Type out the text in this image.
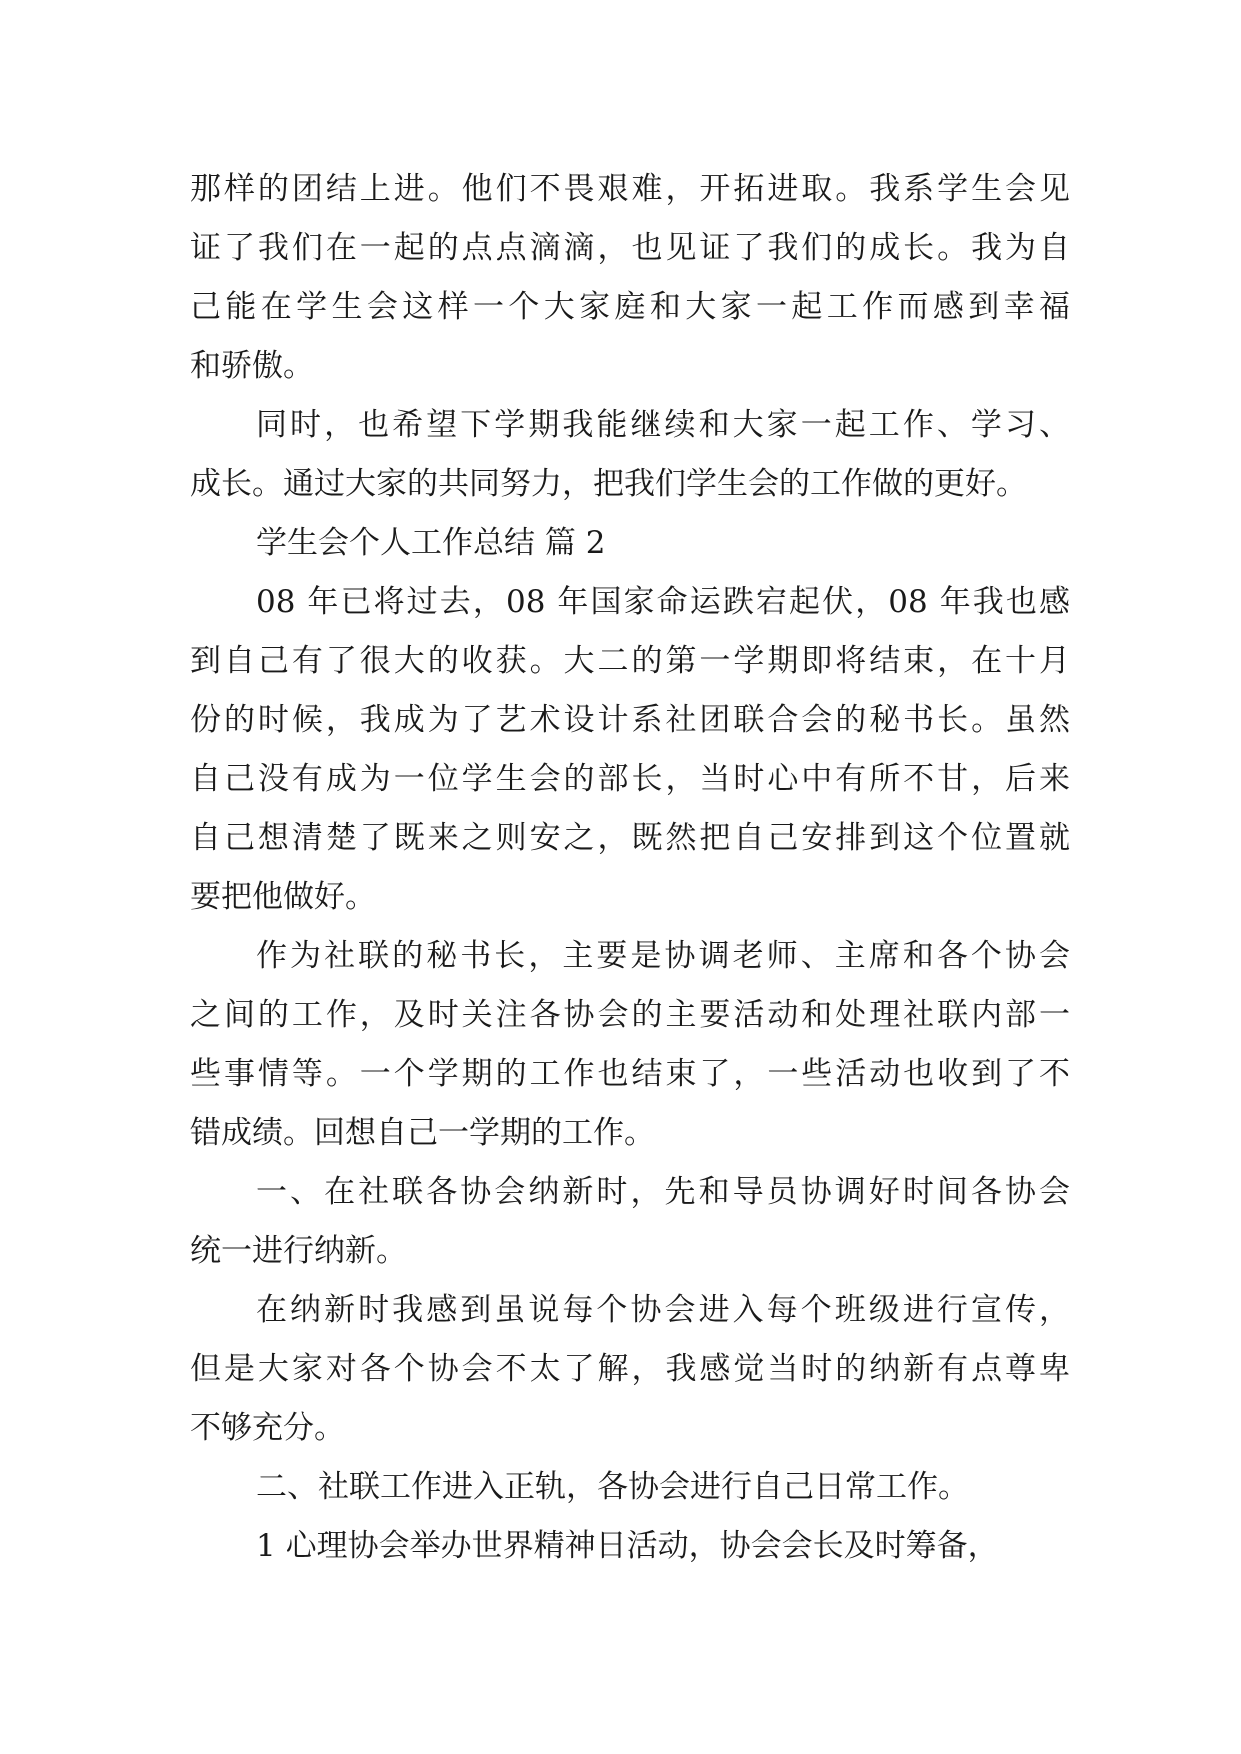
那样的团结上进。他们不畏艰难，开拓进取。我系学生会见
证了我们在一起的点点滴滴，也见证了我们的成长。我为自
己能在学生会这样一个大家庭和大家一起工作而感到幸福
和骄傲。
同时，也希望下学期我能继续和大家一起工作、学习、
成长。通过大家的共同努力，把我们学生会的工作做的更好。
学生会个人工作总结 篇 2
08 年已将过去，08 年国家命运跌宕起伏，08 年我也感
到自己有了很大的收获。大二的第一学期即将结束，在十月
份的时候，我成为了艺术设计系社团联合会的秘书长。虽然
自己没有成为一位学生会的部长，当时心中有所不甘，后来
自己想清楚了既来之则安之，既然把自己安排到这个位置就
要把他做好。
作为社联的秘书长，主要是协调老师、主席和各个协会
之间的工作，及时关注各协会的主要活动和处理社联内部一
些事情等。一个学期的工作也结束了，一些活动也收到了不
错成绩。回想自己一学期的工作。
一、在社联各协会纳新时，先和导员协调好时间各协会
统一进行纳新。
在纳新时我感到虽说每个协会进入每个班级进行宣传，
但是大家对各个协会不太了解，我感觉当时的纳新有点尊卑
不够充分。
二、社联工作进入正轨，各协会进行自己日常工作。
1 心理协会举办世界精神日活动，协会会长及时筹备，
